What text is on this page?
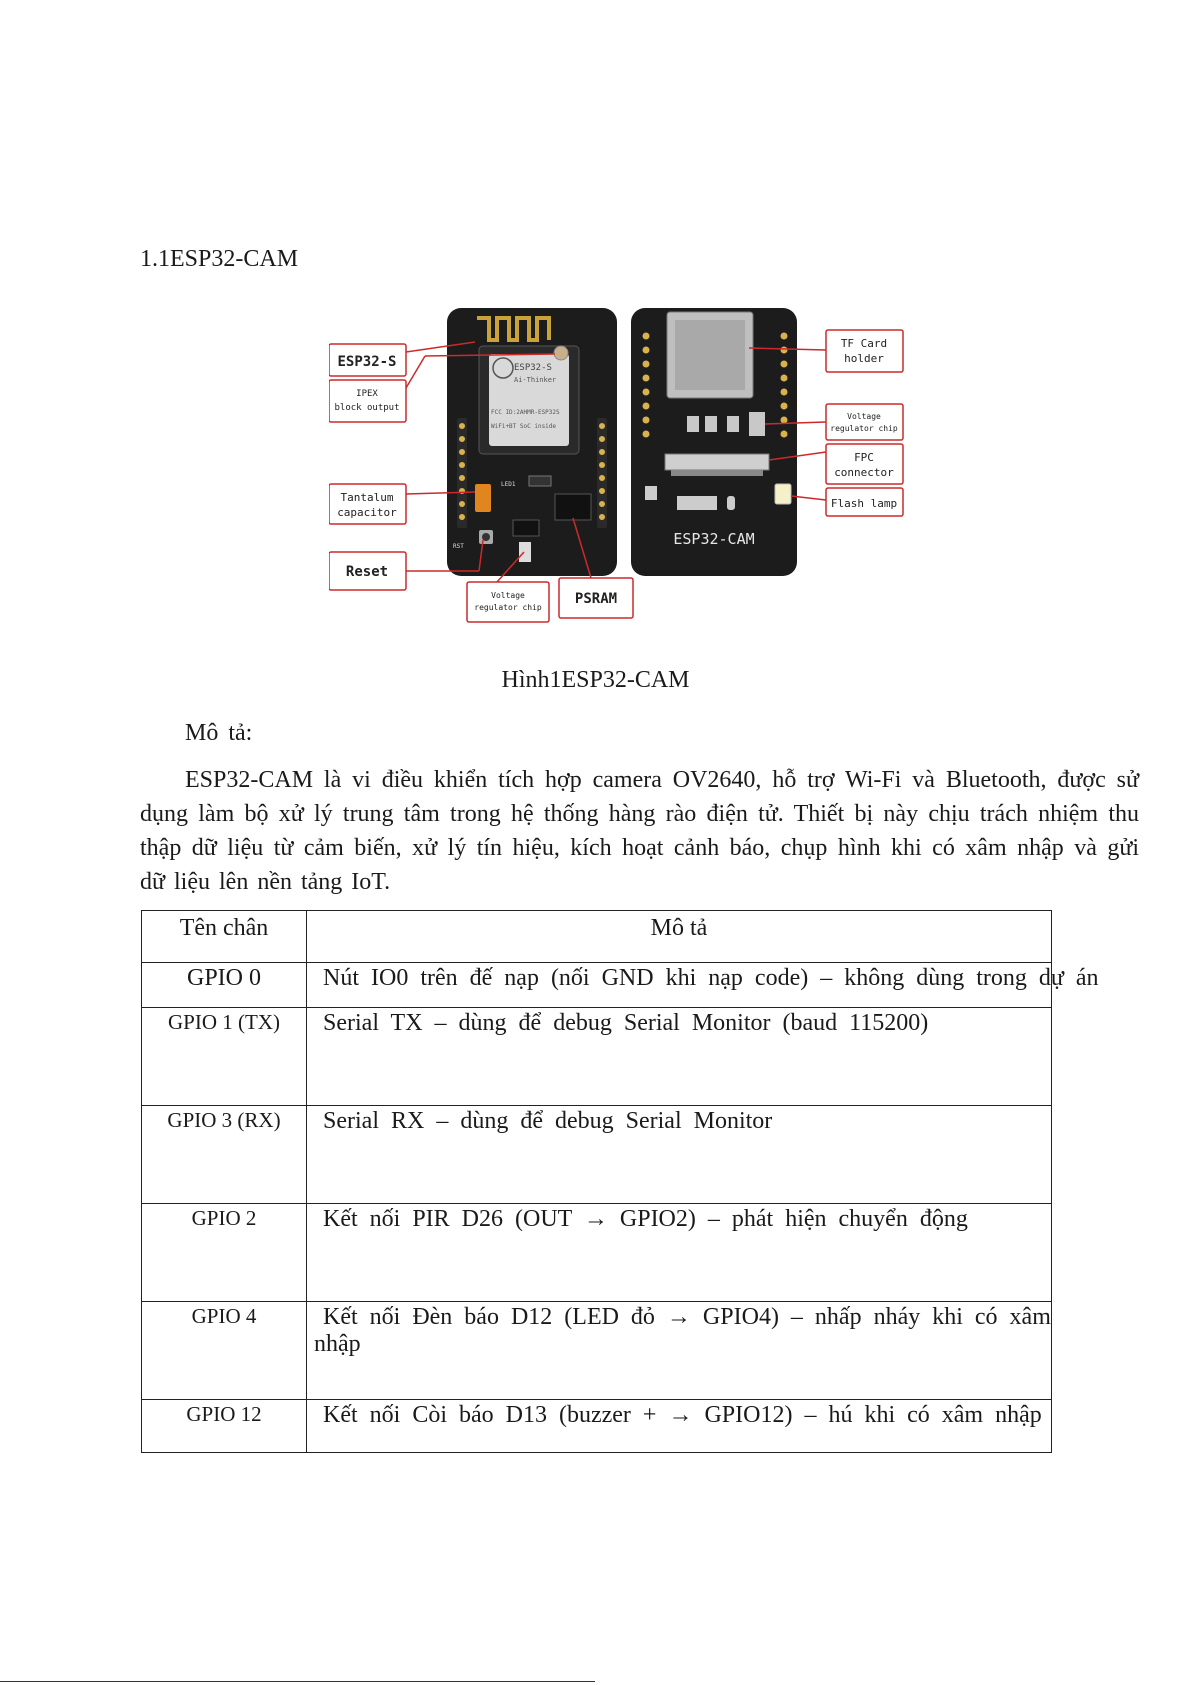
1.1ESP32-CAM
ESP32-S
Ai-Thinker
FCC ID:2AHMR-ESP32S
WiFi+BT SoC inside
LED1
RST	ESP32-CAM
ESP32-S
IPEX
block output
Tantalum
capacitor
Reset
Voltage
regulator chip
PSRAM
TF Card
holder
Voltage
regulator chip
FPC
connector
Flash lamp
Hình1ESP32-CAM
Mô tả:

ESP32-CAM là vi điều khiển tích hợp camera OV2640, hỗ trợ Wi-Fi và Bluetooth, được sử dụng làm bộ xử lý trung tâm trong hệ thống hàng rào điện tử. Thiết bị này chịu trách nhiệm thu thập dữ liệu từ cảm biến, xử lý tín hiệu, kích hoạt cảnh báo, chụp hình khi có xâm nhập và gửi dữ liệu lên nền tảng IoT.

Tên chân	Mô tả
GPIO 0	Nút IO0 trên đế nạp (nối GND khi nạp code) – không dùng trong dự án
GPIO 1 (TX)	Serial TX – dùng để debug Serial Monitor (baud 115200)
GPIO 3 (RX)	Serial RX – dùng để debug Serial Monitor
GPIO 2	Kết nối PIR D26 (OUT → GPIO2) – phát hiện chuyển động
GPIO 4	Kết nối Đèn báo D12 (LED đỏ → GPIO4) – nhấp nháy khi có xâm
nhập

GPIO 12	Kết nối Còi báo D13 (buzzer + → GPIO12) – hú khi có xâm nhập
